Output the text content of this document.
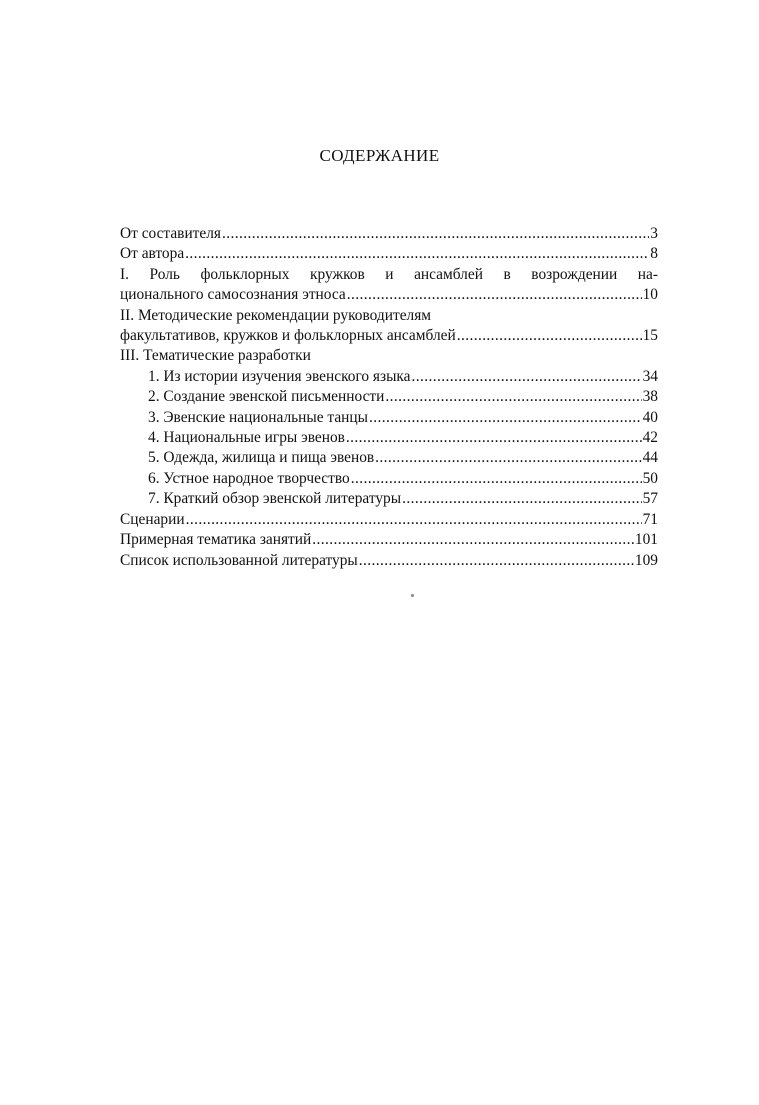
СОДЕРЖАНИЕ
От составителя .....	3
От автора .....	8
I. Роль фольклорных кружков и ансамблей в возрождении на-
ционального самосознания этноса .....	10
II. Методические рекомендации руководителям
факультативов, кружков и фольклорных ансамблей .....	15
III. Тематические разработки
1. Из истории изучения эвенского языка .....	34
2. Создание эвенской письменности .....	38
3. Эвенские национальные танцы .....	40
4. Национальные игры эвенов .....	42
5. Одежда, жилища и пища эвенов .....	44
6. Устное народное творчество .....	50
7. Краткий обзор эвенской литературы .....	57
Сценарии .....	71
Примерная тематика занятий .....	101
Список использованной литературы .....	109
